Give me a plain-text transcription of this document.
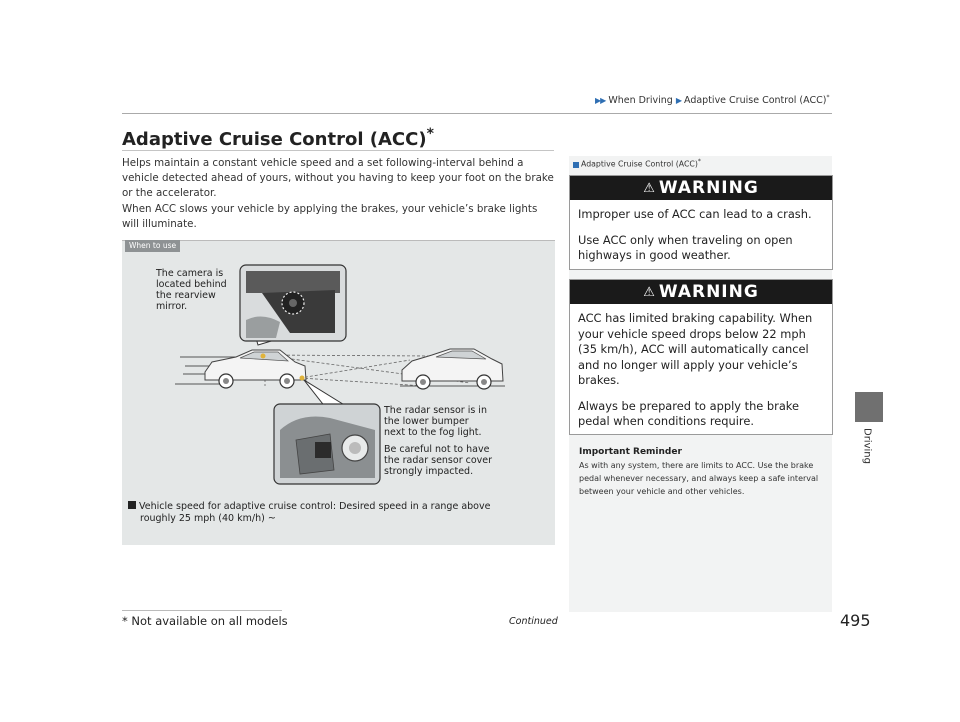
▶▶ When Driving ▶ Adaptive Cruise Control (ACC)*
Driving
Adaptive Cruise Control (ACC)*

Helps maintain a constant vehicle speed and a set following-interval behind a vehicle detected ahead of yours, without you having to keep your foot on the brake or the accelerator.

When ACC slows your vehicle by applying the brakes, your vehicle’s brake lights will illuminate.

When to use
The camera is
located behind
the rearview
mirror.
The radar sensor is in
the lower bumper
next to the fog light.
Be careful not to have
the radar sensor cover
strongly impacted.
Vehicle speed for adaptive cruise control: Desired speed in a range above
roughly 25 mph (40 km/h) ~
Adaptive Cruise Control (ACC)*
⚠ WARNING

Improper use of ACC can lead to a crash.

Use ACC only when traveling on open highways in good weather.

⚠ WARNING

ACC has limited braking capability. When your vehicle speed drops below 22 mph (35 km/h), ACC will automatically cancel and no longer will apply your vehicle’s brakes.

Always be prepared to apply the brake pedal when conditions require.

Important Reminder
As with any system, there are limits to ACC. Use the brake pedal whenever necessary, and always keep a safe interval between your vehicle and other vehicles.
Continued	495
* Not available on all models
